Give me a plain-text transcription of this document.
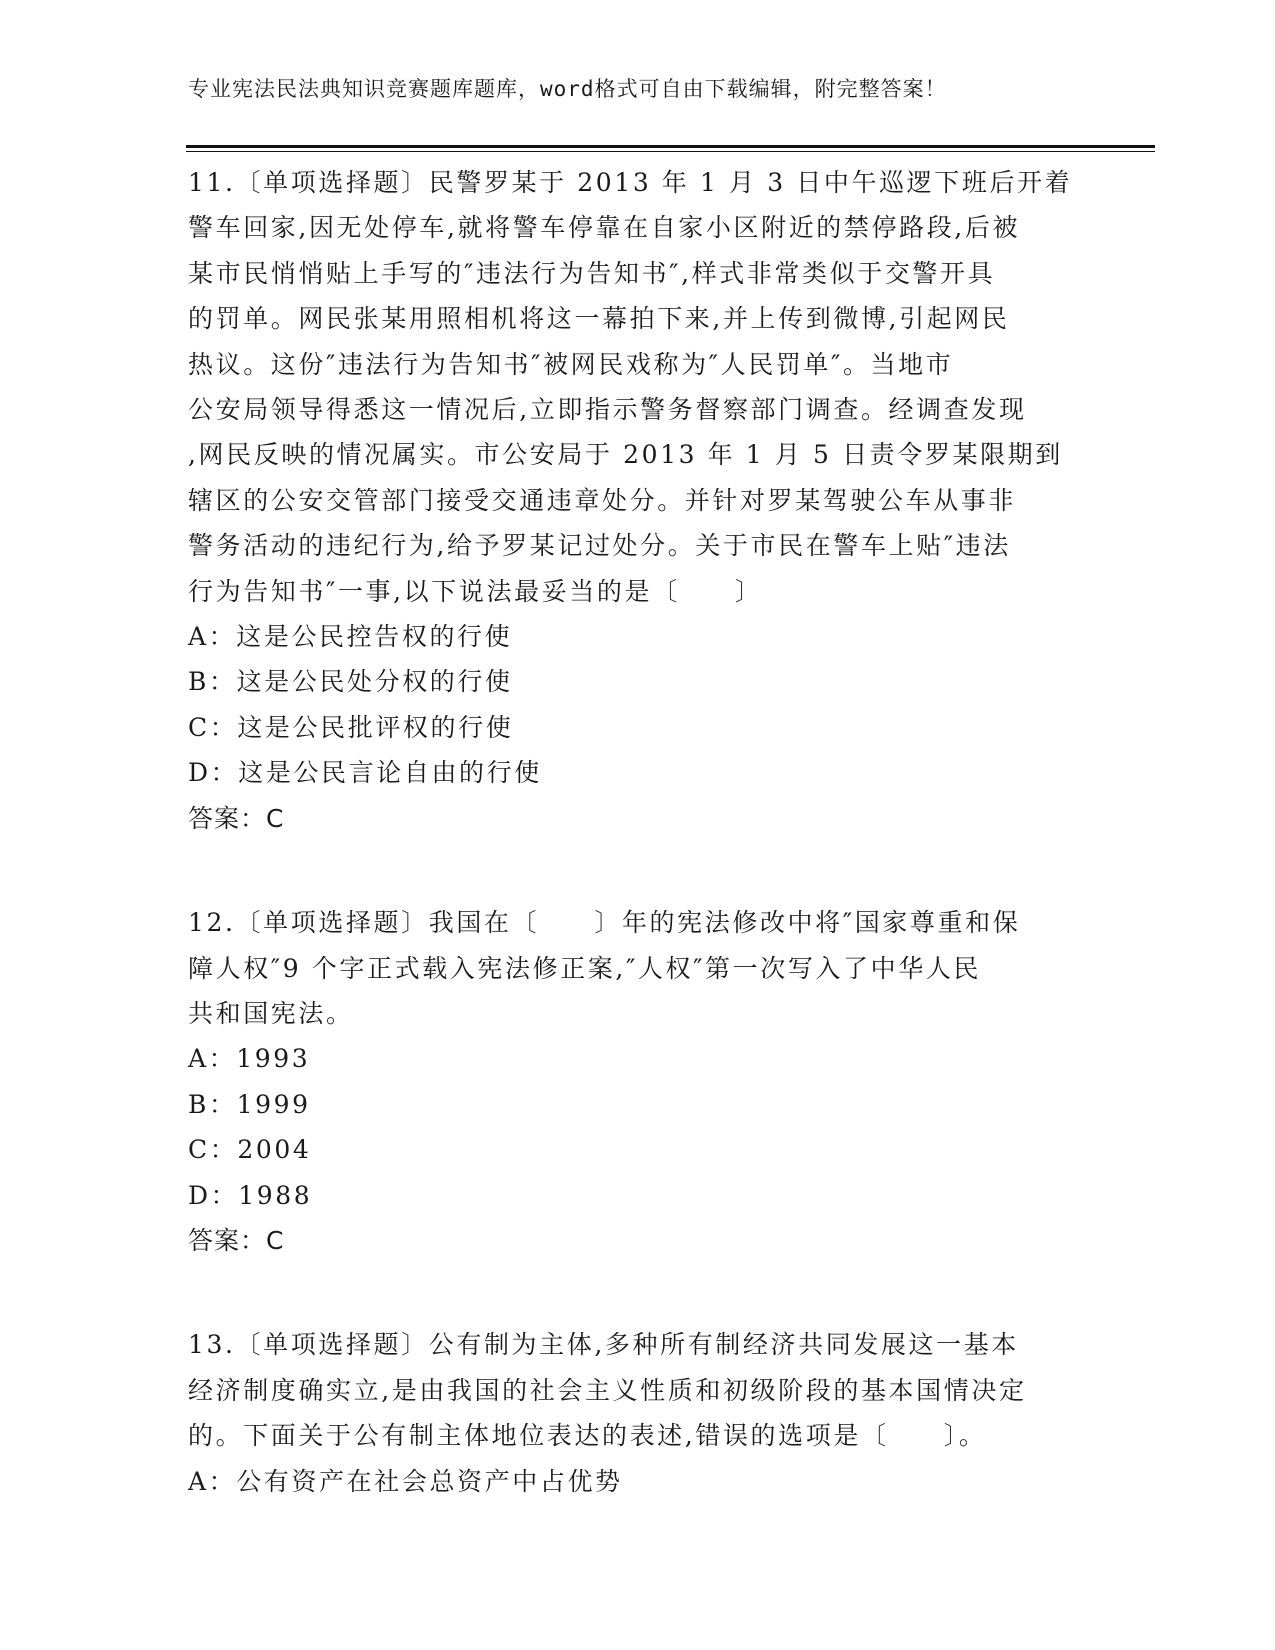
专业宪法民法典知识竞赛题库题库，word格式可自由下载编辑，附完整答案！
11.〔单项选择题〕民警罗某于 2013 年 1 月 3 日中午巡逻下班后开着
警车回家,因无处停车,就将警车停靠在自家小区附近的禁停路段,后被
某市民悄悄贴上手写的″违法行为告知书″,样式非常类似于交警开具
的罚单。网民张某用照相机将这一幕拍下来,并上传到微博,引起网民
热议。这份″违法行为告知书″被网民戏称为″人民罚单″。当地市
公安局领导得悉这一情况后,立即指示警务督察部门调查。经调查发现
,网民反映的情况属实。市公安局于 2013 年 1 月 5 日责令罗某限期到
辖区的公安交管部门接受交通违章处分。并针对罗某驾驶公车从事非
警务活动的违纪行为,给予罗某记过处分。关于市民在警车上贴″违法
行为告知书″一事,以下说法最妥当的是〔　　〕
A：这是公民控告权的行使
B：这是公民处分权的行使
C：这是公民批评权的行使
D：这是公民言论自由的行使
答案：C
12.〔单项选择题〕我国在〔　　〕年的宪法修改中将″国家尊重和保
障人权″9 个字正式载入宪法修正案,″人权″第一次写入了中华人民
共和国宪法。
A：1993
B：1999
C：2004
D：1988
答案：C
13.〔单项选择题〕公有制为主体,多种所有制经济共同发展这一基本
经济制度确实立,是由我国的社会主义性质和初级阶段的基本国情决定
的。下面关于公有制主体地位表达的表述,错误的选项是〔　　〕。
A：公有资产在社会总资产中占优势
